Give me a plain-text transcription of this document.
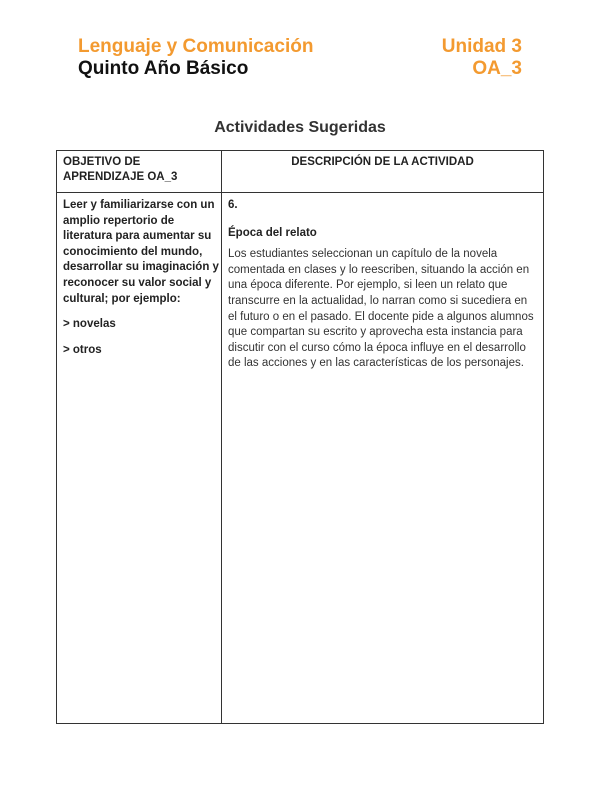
Lenguaje y Comunicación
Quinto Año Básico
Unidad 3
OA_3
Actividades Sugeridas
OBJETIVO DE
APRENDIZAJE OA_3
DESCRIPCIÓN DE LA ACTIVIDAD

Leer y familiarizarse con un amplio repertorio de literatura para aumentar su conocimiento del mundo, desarrollar su imaginación y reconocer su valor social y cultural; por ejemplo:

> novelas

> otros

6.

Época del relato

Los estudiantes seleccionan un capítulo de la novela comentada en clases y lo reescriben, situando la acción en una época diferente. Por ejemplo, si leen un relato que transcurre en la actualidad, lo narran como si sucediera en el futuro o en el pasado. El docente pide a algunos alumnos que compartan su escrito y aprovecha esta instancia para discutir con el curso cómo la época influye en el desarrollo de las acciones y en las características de los personajes.
